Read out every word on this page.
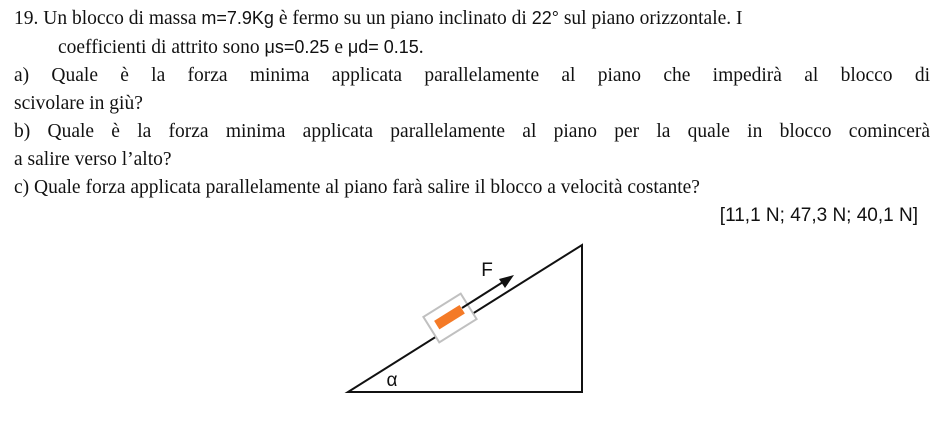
19. Un blocco di massa m=7.9Kg è fermo su un piano inclinato di 22° sul piano orizzontale. I
coefficienti di attrito sono μs=0.25 e μd= 0.15.
a) Quale è la forza minima applicata parallelamente al piano che impedirà al blocco di
scivolare in giù?
b) Quale è la forza minima applicata parallelamente al piano per la quale in blocco comincerà
a salire verso l’alto?
c) Quale forza applicata parallelamente al piano farà salire il blocco a velocità costante?
[11,1 N; 47,3 N; 40,1 N]
F
α
